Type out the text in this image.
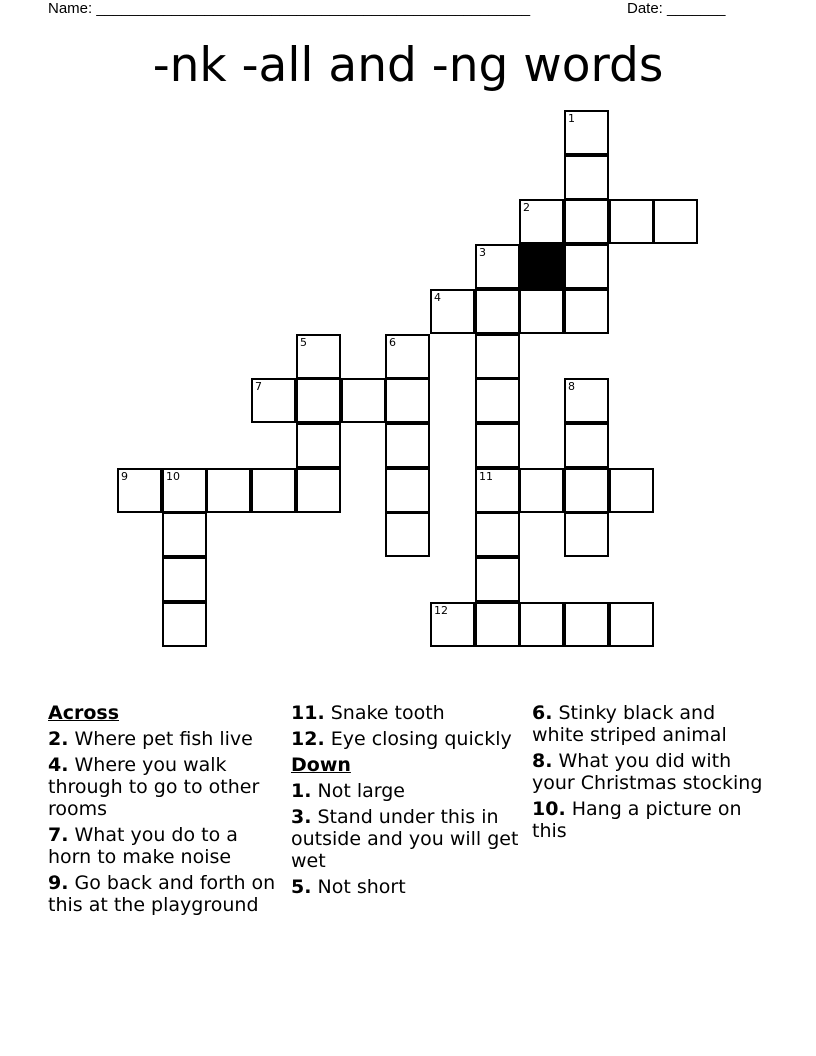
Name: ____________________________________________________	Date: _______
-nk -all and -ng words
1
2
3
4
5	6
7	8
9	10	11
12
Across
2. Where pet fish live
4. Where you walk through to go to other rooms
7. What you do to a horn to make noise
9. Go back and forth on this at the playground
11. Snake tooth
12. Eye closing quickly
Down
1. Not large
3. Stand under this in outside and you will get wet
5. Not short
6. Stinky black and white striped animal
8. What you did with your Christmas stocking
10. Hang a picture on this
